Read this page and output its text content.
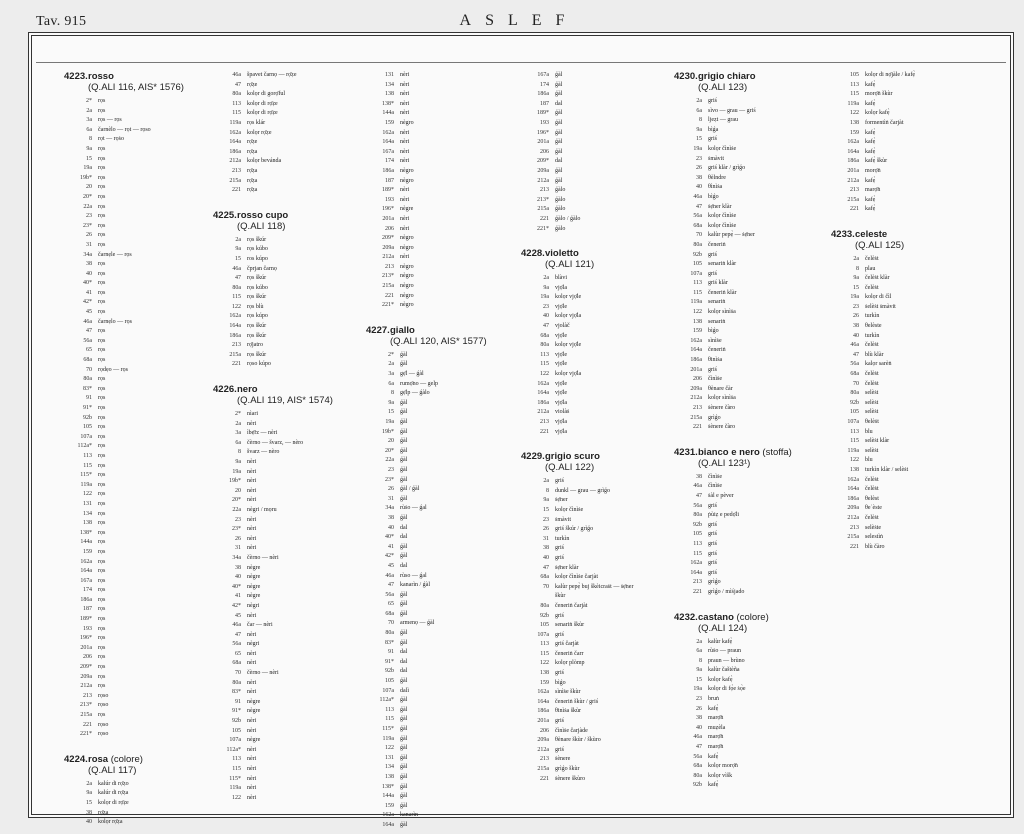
Tav. 915	ASLEF
4223.rosso
(Q.ALI 116, AIS* 1576)
2*	rọs
2a	rọs
3a	rọs — rọs
6a	čarnèlo — rọt — rọso
8	rọt — rọṡo
9a	rọs
15	rọs
19a	rọs
19b*	rọs
20	rọs
20*	rọs
22a	rọs
23	rọs
23*	rọs
26	rọs
31	rọs
34a	čarnẹle — rọs
38	rọs
40	rọs
40*	rọs
41	rọs
42*	rọs
45	rọs
46a	čarnẹlo — rọs
47	rọs
56a	rọs
65	rọs
68a	rọs
70	rọdẹo — rọs
80a	rọs
83*	rọs
91	rọs
91*	rọs
92b	rọs
105	rọs
107a	rọs
112a*	rọs
113	rọs
115	rọs
115*	rọs
119a	rọs
122	rọs
131	rọs
134	rọs
138	rọs
138*	rọs
144a	rọs
159	rọs
162a	rọs
164a	rọs
167a	rọs
174	rọs
186a	rọs
187	rọs
189*	rọs
193	rọs
196*	rọs
201a	rọs
206	rọs
209*	rọs
209a	rọs
212a	rọs
213	rọso
213*	rọso
215a	rọs
221	rọso
221*	rọso
4224.rosa (colore)
(Q.ALI 117)
2a	kalúr di rọ̄ẓo
9a	kalúr di rọ̄ẓa
15	kolọr di rọ̄ẓe
38	rọ̄ẓa
40	kolọr rọ̄ẓa
46a	špavet čarnọ — rọ̄ẓe
47	rọ̄ẓe
80a	kolọr di gorọ̄ful
113	kolọr di rọ̄ẓe
115	kolọr di rọ̄ẓe
119a	rọs klár
162a	kolọr rọ̄ẓe
164a	rọ̄ẓe
186a	rọ̄ẓa
212a	kolọr bevánda
213	rọ̄ẓa
215a	rọ̄ẓa
221	rọ̄ẓa
4225.rosso cupo
(Q.ALI 118)
2a	rọs škúr
9a	rọs kúbo
15	ros kúpo
46a	čprjan čarnọ
47	rọs škúr
80a	rọs kúbo
115	rọs škúr
122	rọs blù
162a	rọs kúpo
164a	rọs škúr
186a	rọs škúr
213	rọ̄jatro
215a	rọs škúr
221	rọso kúpo
4226.nero
(Q.ALI 119, AIS* 1574)
2*	nìari
2a	nèri
3a	ìbẹ̄ṙz — nèri
6a	čèrno — švarz, — nèro
8	švarz — nèro
9a	nèri
19a	nèri
19b*	nèri
20	nèri
20*	nèri
22a	nègri / mọru
23	nèri
23*	nèri
26	nèri
31	nèri
34a	čèrno — nèri
38	nègre
40	nègre
40*	nègre
41	nègre
42*	nègri
45	nèri
46a	čar — nèri
47	nèri
56a	nègri
65	nèri
68a	nèri
70	čèrno — nèri
80a	nèri
83*	nèri
91	nègre
91*	nègre
92b	nèri
105	nèri
107a	nègre
112a*	nèri
113	nèri
115	nèri
115*	nèri
119a	nèri
122	nèri
131	nèri
134	nèri
138	nèri
138*	nèri
144a	nèri
159	nègro
162a	nèri
164a	nèri
167a	nèri
174	nèri
186a	nègro
187	nègro
189*	nèri
193	nèri
196*	nègre
201a	nèri
206	nèri
209*	nègro
209a	nègro
212a	nèri
213	nègro
213*	nègro
215a	nègro
221	nègro
221*	nègro
4227.giallo
(Q.ALI 120, AIS* 1577)
2*	ǵàl
2a	ǵàl
3a	gẹ̄l — ǵàl
6a	rumọ̄no — gelp
8	gẹ̄lp — ǵàlo
9a	ǵàl
15	ǵàl
19a	ǵàl
19b*	ǵàl
20	ǵàl
20*	ǵàl
22a	ǵàl
23	ǵàl
23*	ǵàl
26	ǵàl / ǵàl
31	ǵàl
34a	rùṡo — ǵal
38	ǵàl
40	dal
40*	dal
41	ǵàl
42*	ǵàl
45	dal
46a	rùso — ǵal
47	kanarìn / ǵàl
56a	ǵàl
65	ǵàl
68a	ǵàl
70	armenọ — ǵàl
80a	ǵàl
83*	ǵàl
91	dal
91*	dal
92b	dal
105	ǵàl
107a	dalì
112a*	ǵàl
113	ǵàl
115	ǵàl
115*	ǵàl
119a	ǵàl
122	ǵàl
131	ǵàl
134	ǵàl
138	ǵàl
138*	ǵàl
144a	ǵàl
159	ǵàl
162a	kanarìn
164a	ǵàl
167a	ǵàl
174	ǵàl
186a	ǵàl
187	dal
189*	ǵàl
193	ǵàl
196*	ǵàl
201a	ǵàl
206	ǵàl
209*	dal
209a	ǵàl
212a	ǵàl
213	ǵàlo
213*	ǵàlo
215a	ǵàlo
221	ǵàlo / ǵàlo
221*	ǵàlo
4228.violetto
(Q.ALI 121)
2a	blàvi
9a	vjọ̄la
19a	kolọr vjọ̄le
23	vjọ̄le
40	kolọr vjọ̄la
47	vjolàč
68a	vjọ̄le
80a	kolọr vjọ̄le
113	vjọ̄le
115	vjọ̄le
122	kolọr vjọ̄la
162a	vjọ̄le
164a	vjọ̄le
186a	vjọ̄la
212a	violàṡ
213	vjọ̄la
221	vjọ̄la
4229.grigio scuro
(Q.ALI 122)
2a	griś
8	dunkl — grau — grìǵo
9a	ṡẹ̄ner
15	kolọr čìnìṡe
23	ṡmàvit
26	griś škúr / grìǵo
31	turkìn
38	griś
40	griś
47	ṡẹ̄ner klàr
68a	kolọr čìnìṡe čarjàt
70	kalùr pepẹ̀ buj škèicraṡt — ṡẹ̄ner
škùr
80a	čeneriṅ čarjàt
92b	griś
105	senariṅ škùr
107a	griś
113	griś čarjàt
115	čeneriṅ čarr
122	kolọr plòmp
138	griś
159	bìǵo
162a	sìnìṡe škùr
164a	čeneriṅ škùr / griś
186a	θinìṡa škùr
201a	griś
206	čìnìṡe čarjàde
209a	θènare škùr / škùro
212a	griś
213	ṡènere
215a	grìǵo škùr
221	ṡènere škùro
4230.grigio chiaro
(Q.ALI 123)
2a	griś
6a	sìvo — grau — griś
8	ljeẓt — grau
9a	bìǵa
15	griś
19a	kolọr čìnìṡe
23	ṡmàvit
26	griś klàr / grìǵo
38	θèlndre
40	θìnìṡa
46a	bìǵo
47	ṡẹ̄ner klàr
56a	kolọr čìnìṡe
68a	kolọr čìnìṡe
70	kalùr pepẹ̀ — ṡẹ̄ner
80a	čeneriṅ
92b	griś
105	senariṅ klàr
107a	griś
113	griś klàr
115	čeneriṅ klàr
119a	senariṅ
122	kolọr sìnìṡa
138	senariṅ
159	bìǵo
162a	sìnìṡe
164a	čeneriṅ
186a	θinìṡa
201a	griś
206	čìnìṡe
209a	θènare čàr
212a	kolọr sìnìṡa
213	ṡènere čàro
215a	grìǵo
221	ṡènere čàro
4231.bianco e nero (stoffa)
(Q.ALI 123¹)
38	čìnìṡe
46a	čìnìṡe
47	ṡàl e pèver
56a	griś
80a	ṗùiẓ e pedọ̄li
92b	griś
105	griś
113	griś
115	griś
162a	griś
164a	griś
213	grìǵo
221	grìǵo / mìśjado
4232.castano (colore)
(Q.ALI 124)
2a	kalùr kafẹ̀
6a	rùṡo — praun
8	praun — brùno
9a	kalùr čaštèña
15	kolọr kafẹ̀
19a	kolọr di fọ̀e ṡọ̀e
23	bruṅ
26	kafẹ̀
38	marọ̄ṅ
40	muẓèla
46a	marọ̄ṅ
47	marọ̄ṅ
56a	kafẹ̀
68a	kolọr morọ̄ṅ
80a	kolọr vìšk
92b	kafẹ̀
105	kolọr di nọ̄jàle / kafẹ̀
113	kafẹ̀
115	morọ̄ṅ škùr
119a	kafẹ̀
122	kolọr kafẹ̀
138	formentìṅ čarjàt
159	kafẹ̀
162a	kafẹ̀
164a	kafẹ̀
186a	kafẹ̀ škùr
201a	morọ̄ṅ
212a	kafẹ̀
213	marọ̄ṅ
215a	kafẹ̀
221	kafẹ̀
4233.celeste
(Q.ALI 125)
2a	čelèṡt
8	plau
9a	čelèṡt klàr
15	čelèṡt
19a	kolọr di čìl
23	ṡelèṡt ṡmàvit
26	turkìn
38	θelèste
40	turkìn
46a	čelèṡt
47	blù klàr
56a	kalọr sarèṅ
68a	čelèṡt
70	čelèṡt
80a	selèṡt
92b	selèṡt
105	selèṡt
107a	θelèṡt
113	blu
115	selèṡt klàr
119a	selèṡt
122	blu
138	turkìn klàr / selèṡt
162a	čelèṡt
164a	čelèṡt
186a	θelèst
209a	θeˈèste
212a	čelèṡt
213	selèṡte
215a	selestìṅ
221	blù čàro
